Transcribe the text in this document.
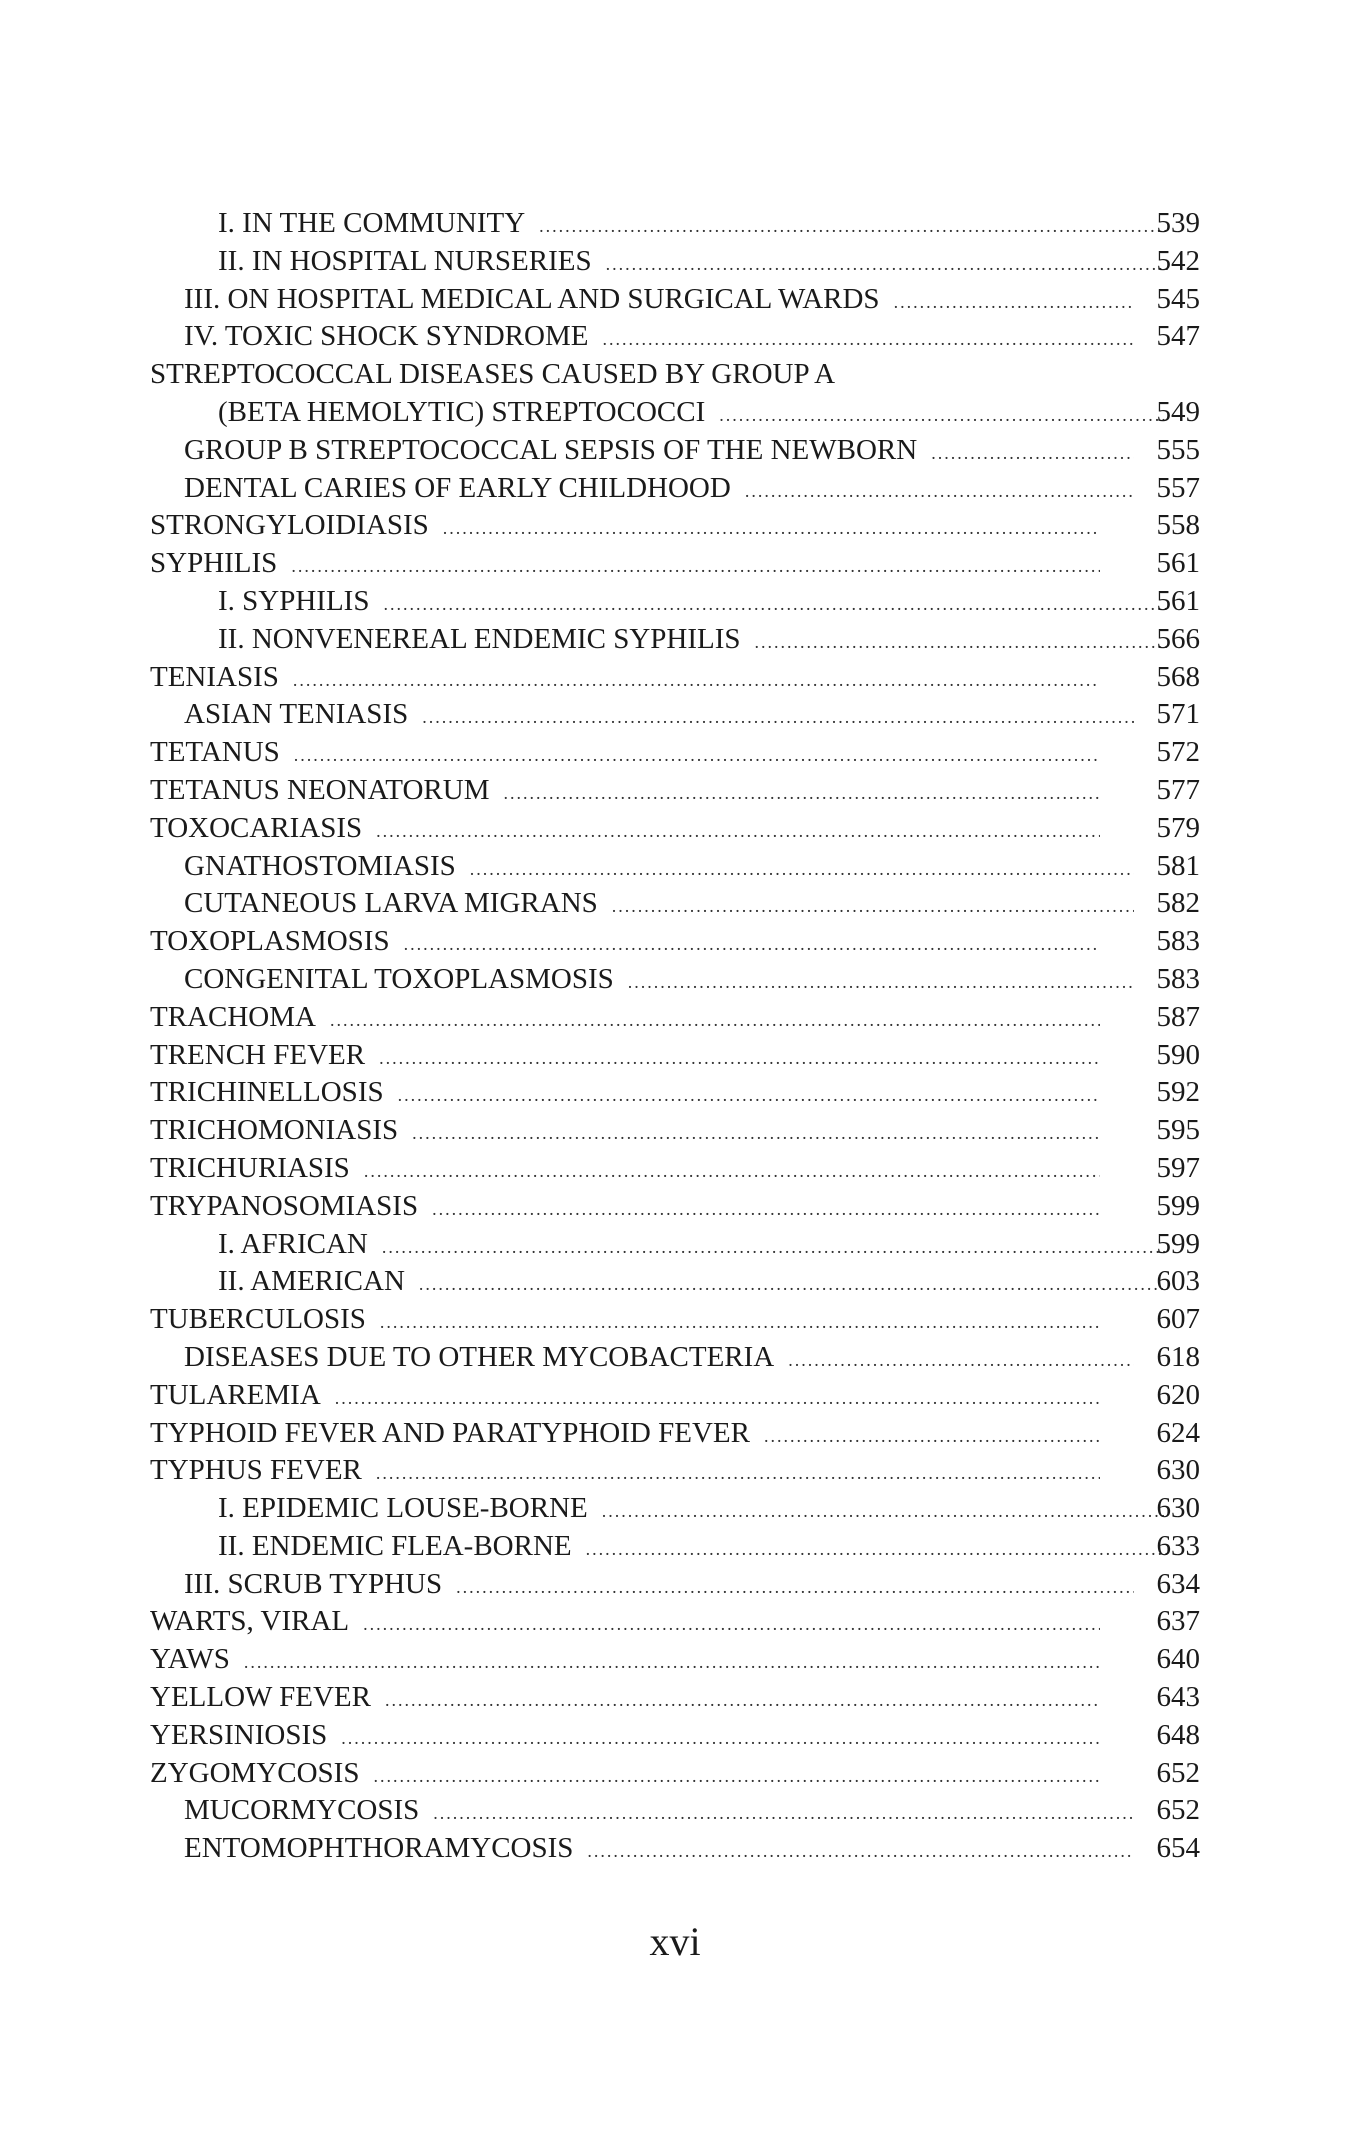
I. IN THE COMMUNITY .....	539
II. IN HOSPITAL NURSERIES .....	542
III. ON HOSPITAL MEDICAL AND SURGICAL WARDS .....	545
IV. TOXIC SHOCK SYNDROME .....	547
STREPTOCOCCAL DISEASES CAUSED BY GROUP A
(BETA HEMOLYTIC) STREPTOCOCCI .....	549
GROUP B STREPTOCOCCAL SEPSIS OF THE NEWBORN .....	555
DENTAL CARIES OF EARLY CHILDHOOD .....	557
STRONGYLOIDIASIS .....	558
SYPHILIS .....	561
I. SYPHILIS .....	561
II. NONVENEREAL ENDEMIC SYPHILIS .....	566
TENIASIS .....	568
ASIAN TENIASIS .....	571
TETANUS .....	572
TETANUS NEONATORUM .....	577
TOXOCARIASIS .....	579
GNATHOSTOMIASIS .....	581
CUTANEOUS LARVA MIGRANS .....	582
TOXOPLASMOSIS .....	583
CONGENITAL TOXOPLASMOSIS .....	583
TRACHOMA .....	587
TRENCH FEVER .....	590
TRICHINELLOSIS .....	592
TRICHOMONIASIS .....	595
TRICHURIASIS .....	597
TRYPANOSOMIASIS .....	599
I. AFRICAN .....	599
II. AMERICAN .....	603
TUBERCULOSIS .....	607
DISEASES DUE TO OTHER MYCOBACTERIA .....	618
TULAREMIA .....	620
TYPHOID FEVER AND PARATYPHOID FEVER .....	624
TYPHUS FEVER .....	630
I. EPIDEMIC LOUSE-BORNE .....	630
II. ENDEMIC FLEA-BORNE .....	633
III. SCRUB TYPHUS .....	634
WARTS, VIRAL .....	637
YAWS .....	640
YELLOW FEVER .....	643
YERSINIOSIS .....	648
ZYGOMYCOSIS .....	652
MUCORMYCOSIS .....	652
ENTOMOPHTHORAMYCOSIS .....	654
xvi
